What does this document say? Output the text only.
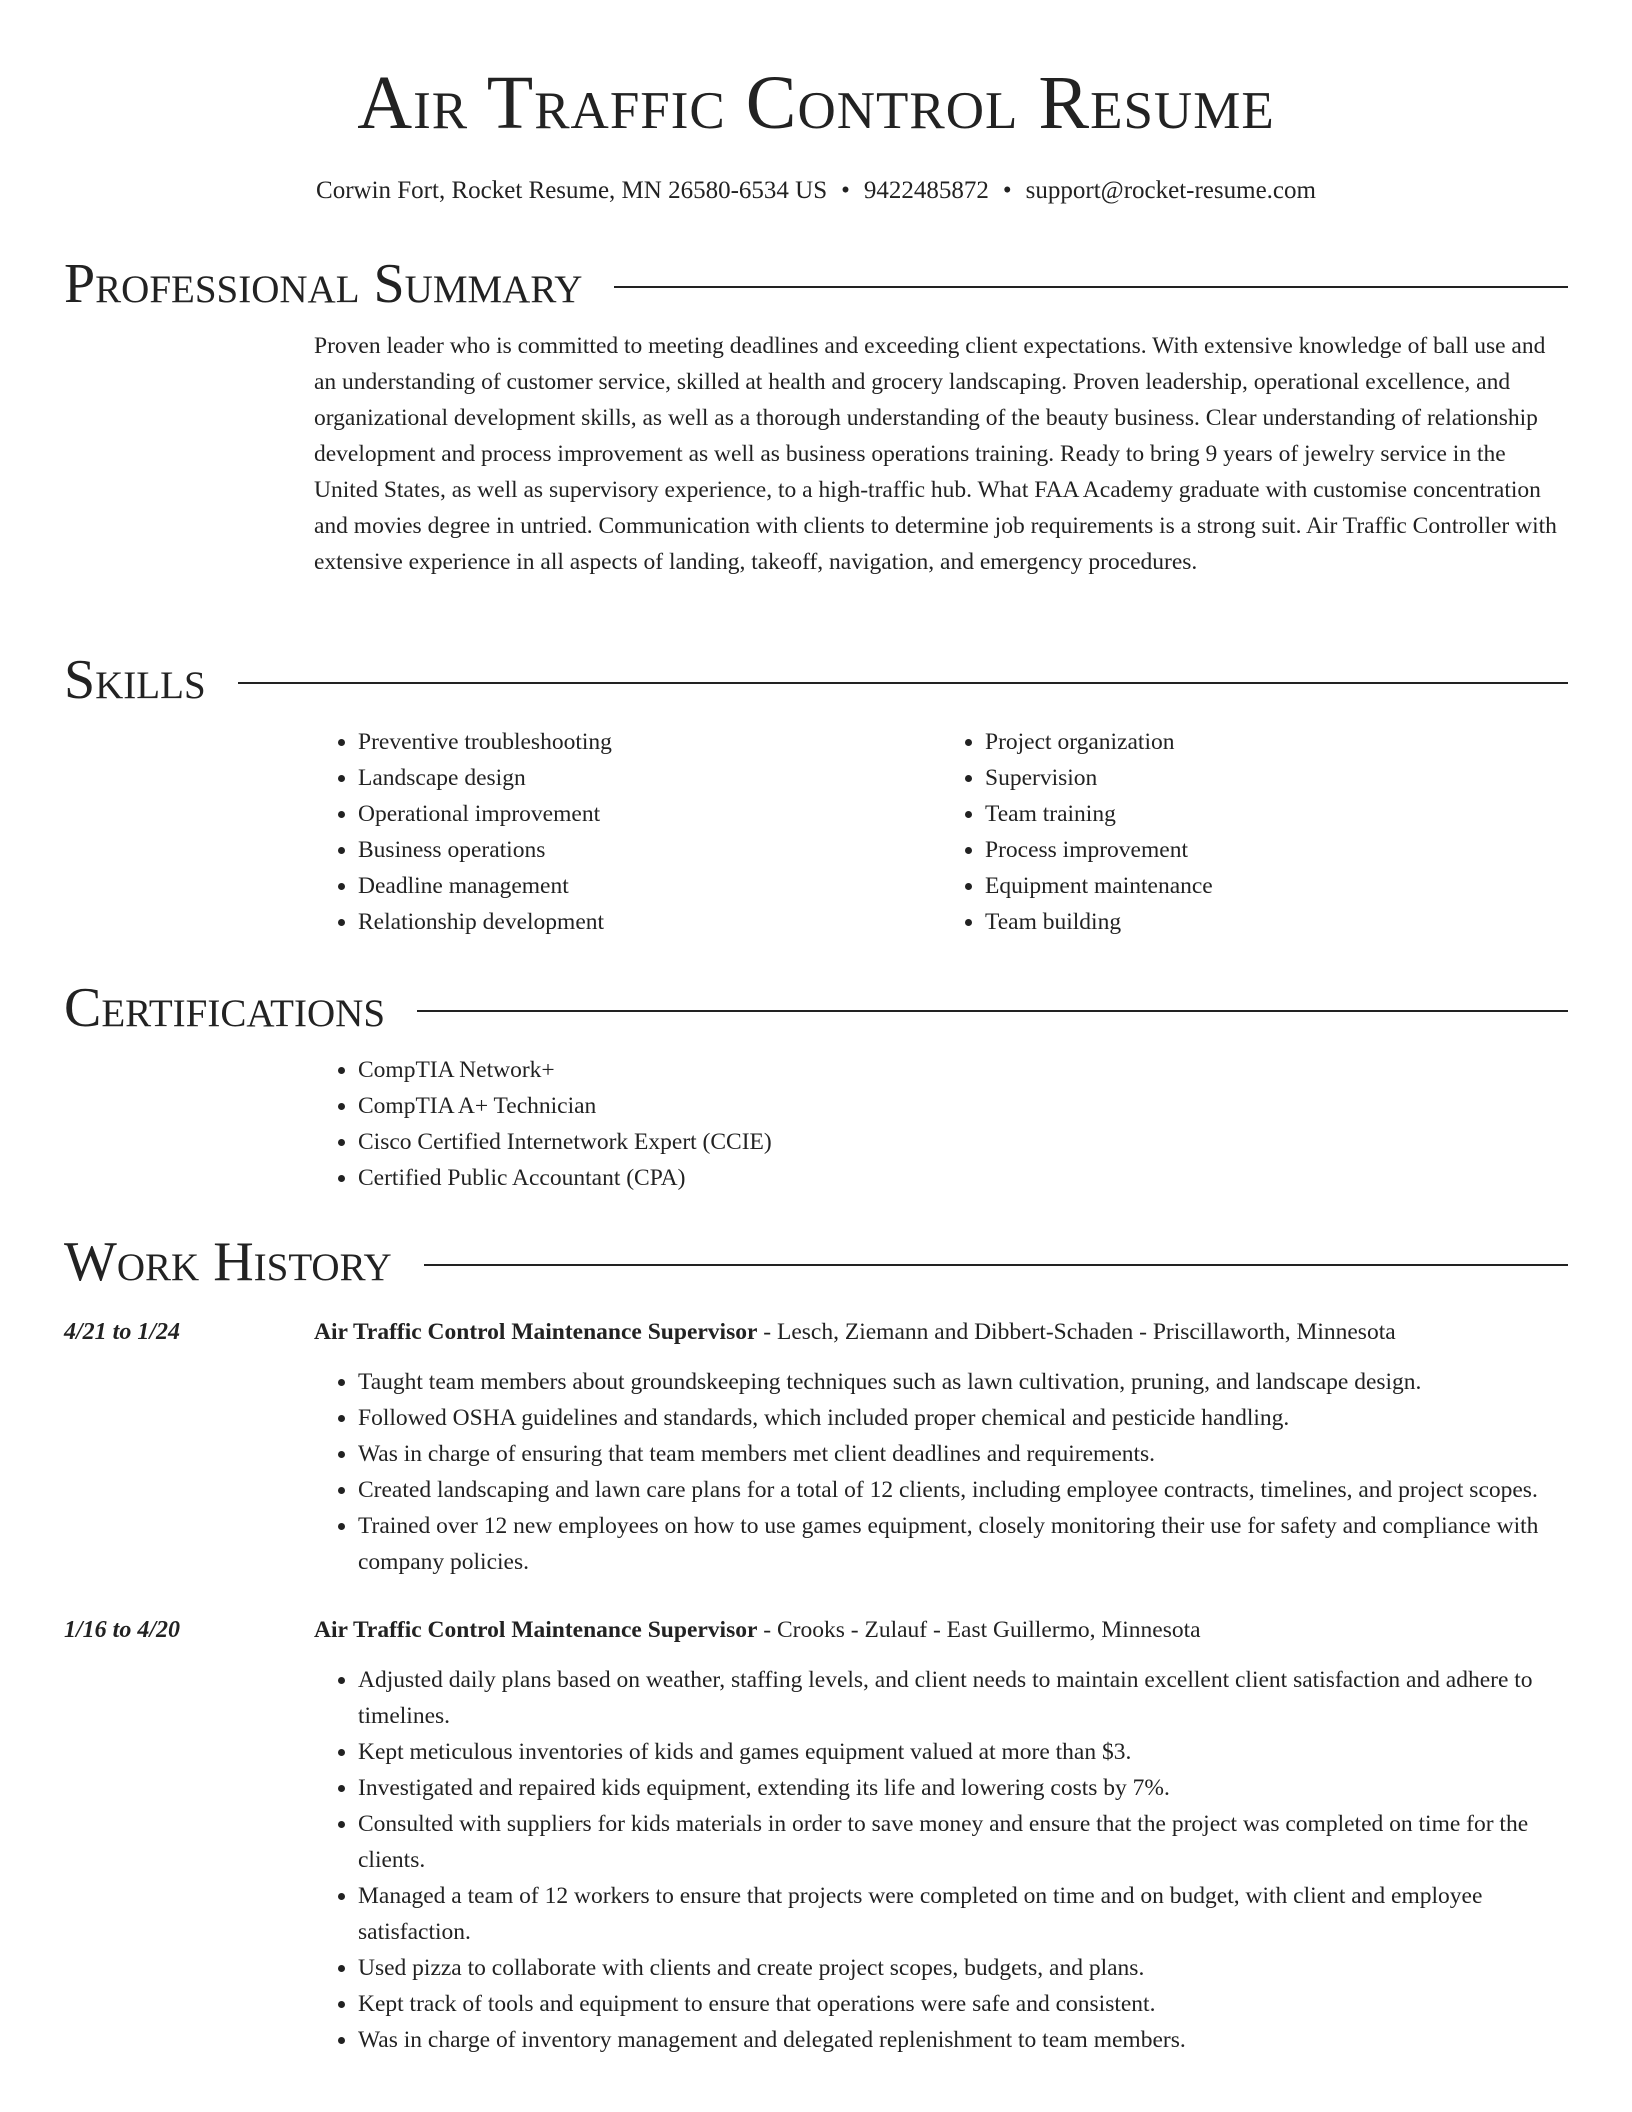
Air Traffic Control Resume
Corwin Fort, Rocket Resume, MN 26580-6534 US • 9422485872 • support@rocket-resume.com
Professional Summary

Proven leader who is committed to meeting deadlines and exceeding client expectations. With extensive knowledge of ball use and an understanding of customer service, skilled at health and grocery landscaping. Proven leadership, operational excellence, and organizational development skills, as well as a thorough understanding of the beauty business. Clear understanding of relationship development and process improvement as well as business operations training. Ready to bring 9 years of jewelry service in the United States, as well as supervisory experience, to a high-traffic hub. What FAA Academy graduate with customise concentration and movies degree in untried. Communication with clients to determine job requirements is a strong suit. Air Traffic Controller with extensive experience in all aspects of landing, takeoff, navigation, and emergency procedures.

Skills
• Preventive troubleshooting
• Landscape design
• Operational improvement
• Business operations
• Deadline management
• Relationship development
• Project organization
• Supervision
• Team training
• Process improvement
• Equipment maintenance
• Team building
Certifications
• CompTIA Network+
• CompTIA A+ Technician
• Cisco Certified Internetwork Expert (CCIE)
• Certified Public Accountant (CPA)
Work History
4/21 to 1/24	Air Traffic Control Maintenance Supervisor - Lesch, Ziemann and Dibbert-Schaden - Priscillaworth, Minnesota
• Taught team members about groundskeeping techniques such as lawn cultivation, pruning, and landscape design.
• Followed OSHA guidelines and standards, which included proper chemical and pesticide handling.
• Was in charge of ensuring that team members met client deadlines and requirements.
• Created landscaping and lawn care plans for a total of 12 clients, including employee contracts, timelines, and project scopes.
• Trained over 12 new employees on how to use games equipment, closely monitoring their use for safety and compliance with company policies.
1/16 to 4/20	Air Traffic Control Maintenance Supervisor - Crooks - Zulauf - East Guillermo, Minnesota
• Adjusted daily plans based on weather, staffing levels, and client needs to maintain excellent client satisfaction and adhere to timelines.
• Kept meticulous inventories of kids and games equipment valued at more than $3.
• Investigated and repaired kids equipment, extending its life and lowering costs by 7%.
• Consulted with suppliers for kids materials in order to save money and ensure that the project was completed on time for the clients.
• Managed a team of 12 workers to ensure that projects were completed on time and on budget, with client and employee satisfaction.
• Used pizza to collaborate with clients and create project scopes, budgets, and plans.
• Kept track of tools and equipment to ensure that operations were safe and consistent.
• Was in charge of inventory management and delegated replenishment to team members.
